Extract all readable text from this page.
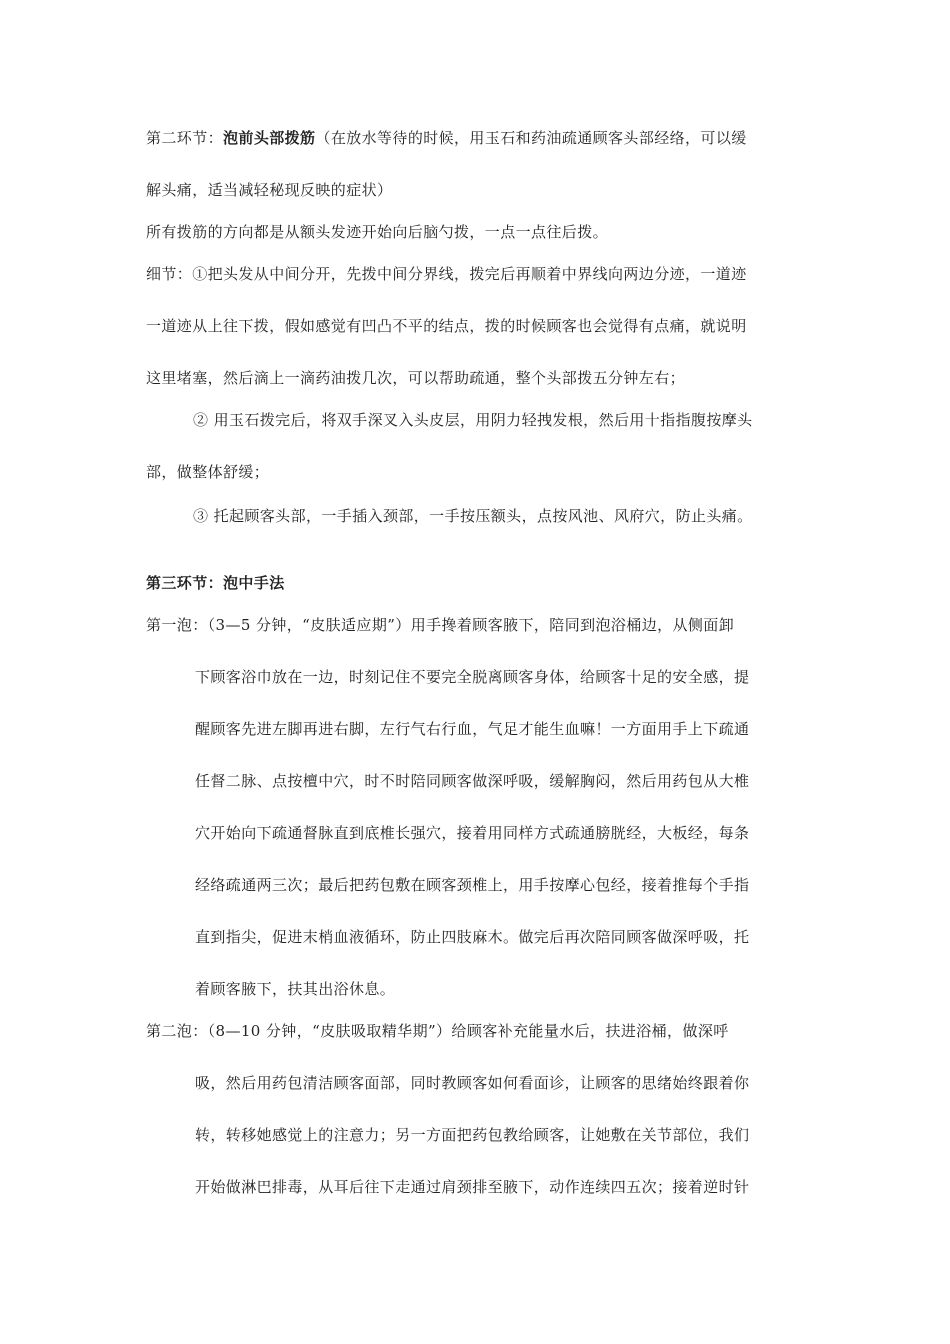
第二环节：泡前头部拨筋（在放水等待的时候，用玉石和药油疏通顾客头部经络，可以缓
解头痛，适当减轻秘现反映的症状）
所有拨筋的方向都是从额头发迹开始向后脑勺拨，一点一点往后拨。
细节：①把头发从中间分开，先拨中间分界线，拨完后再顺着中界线向两边分迹，一道迹
一道迹从上往下拨，假如感觉有凹凸不平的结点，拨的时候顾客也会觉得有点痛，就说明
这里堵塞，然后滴上一滴药油拨几次，可以帮助疏通，整个头部拨五分钟左右；
② 用玉石拨完后，将双手深叉入头皮层，用阴力轻拽发根，然后用十指指腹按摩头
部，做整体舒缓；
③ 托起顾客头部，一手插入颈部，一手按压额头，点按风池、风府穴，防止头痛。
第三环节：泡中手法
第一泡：（3—5 分钟，“皮肤适应期”）用手搀着顾客腋下，陪同到泡浴桶边，从侧面卸
下顾客浴巾放在一边，时刻记住不要完全脱离顾客身体，给顾客十足的安全感，提
醒顾客先进左脚再进右脚，左行气右行血，气足才能生血嘛！一方面用手上下疏通
任督二脉、点按檀中穴，时不时陪同顾客做深呼吸，缓解胸闷，然后用药包从大椎
穴开始向下疏通督脉直到底椎长强穴，接着用同样方式疏通膀胱经，大板经，每条
经络疏通两三次；最后把药包敷在顾客颈椎上，用手按摩心包经，接着推每个手指
直到指尖，促进末梢血液循环，防止四肢麻木。做完后再次陪同顾客做深呼吸，托
着顾客腋下，扶其出浴休息。
第二泡：（8—10 分钟，“皮肤吸取精华期”）给顾客补充能量水后，扶进浴桶，做深呼
吸，然后用药包清洁顾客面部，同时教顾客如何看面诊，让顾客的思绪始终跟着你
转，转移她感觉上的注意力；另一方面把药包教给顾客，让她敷在关节部位，我们
开始做淋巴排毒，从耳后往下走通过肩颈排至腋下，动作连续四五次；接着逆时针
